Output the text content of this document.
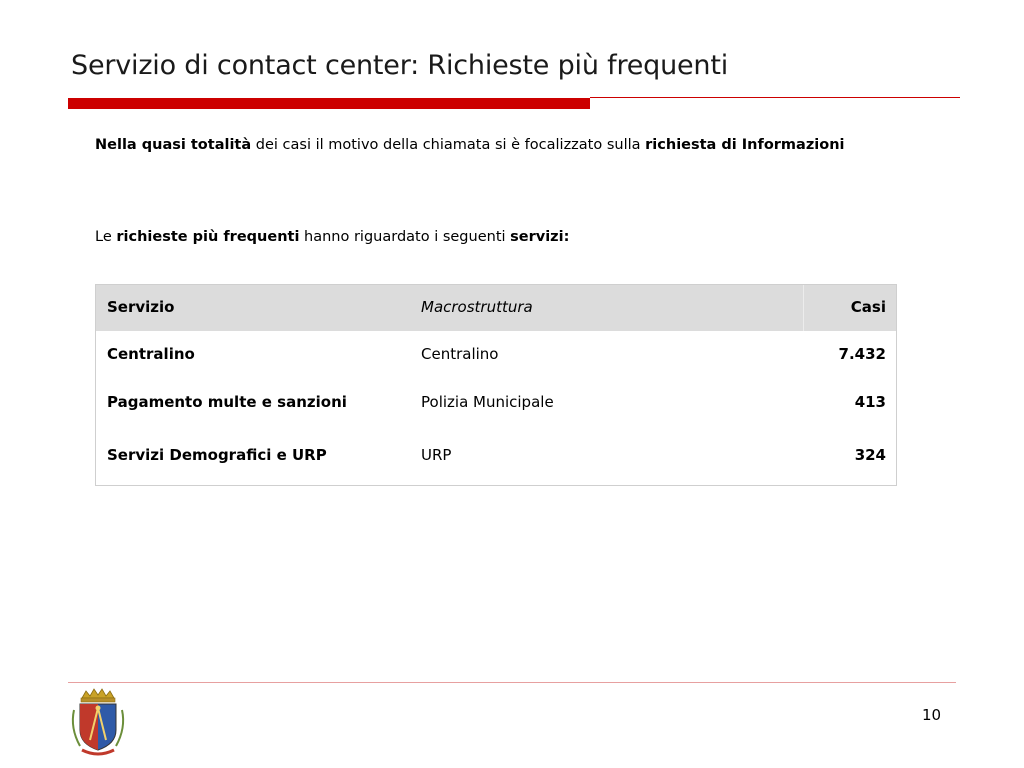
Servizio di contact center: Richieste più frequenti
Nella quasi totalità dei casi il motivo della chiamata si è focalizzato sulla richiesta di Informazioni
Le richieste più frequenti hanno riguardato i seguenti servizi:
Servizio	Macrostruttura	Casi
Centralino	Centralino	7.432
Pagamento multe e sanzioni	Polizia Municipale	413
Servizi Demografici e URP	URP	324
10
